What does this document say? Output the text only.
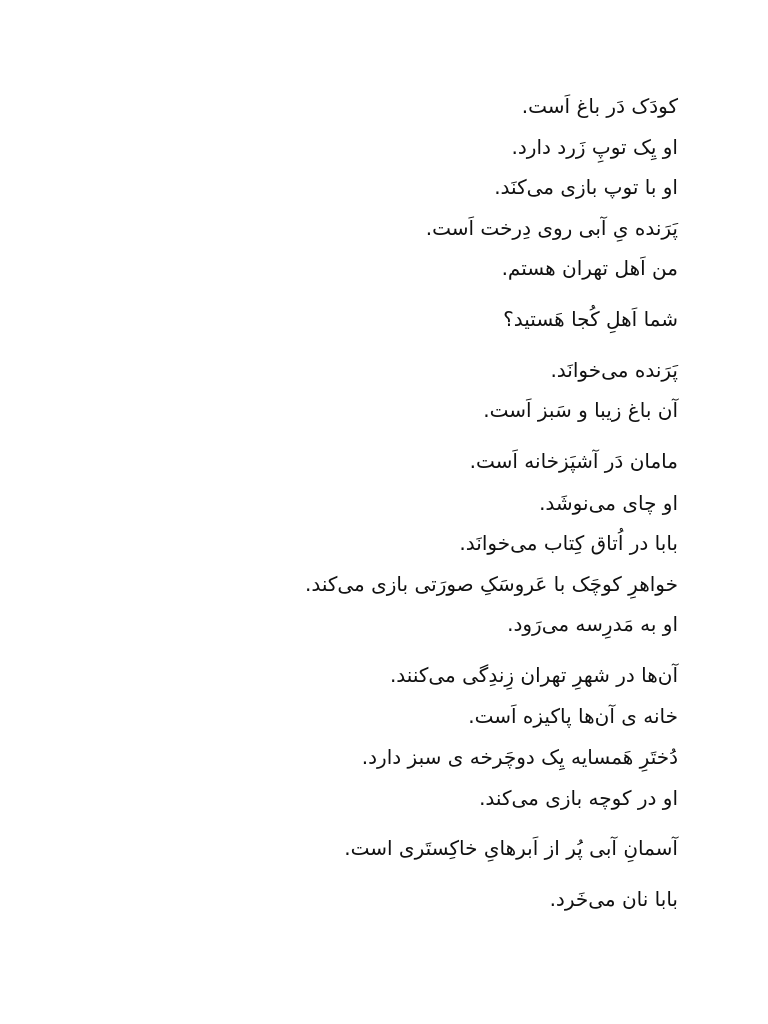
کودَک دَر باغ اَست.
او یِک توپِ زَرد دارد.
او با توپ بازی می‌کنَد.
پَرَنده یِ آبی روی دِرخت اَست.
من اَهل تهران هستم.
شما اَهلِ کُجا هَستید؟
پَرَنده می‌خوانَد.
آن باغ زیبا و سَبز اَست.
مامان دَر آشپَزخانه اَست.
او چای می‌نوشَد.
بابا در اُتاق کِتاب می‌خوانَد.
خواهرِ کوچَک با عَروسَکِ صورَتی بازی می‌کند.
او به مَدرِسه می‌رَود.
آن‌ها در شهرِ تهران زِندِگی می‌کنند.
خانه ی آن‌ها پاکیزه اَست.
دُختَرِ هَمسایه یِک دوچَرخه ی سبز دارد.
او در کوچه بازی می‌کند.
آسمانِ آبی پُر از اَبرهایِ خاکِستَری است.
بابا نان می‌خَرد.
